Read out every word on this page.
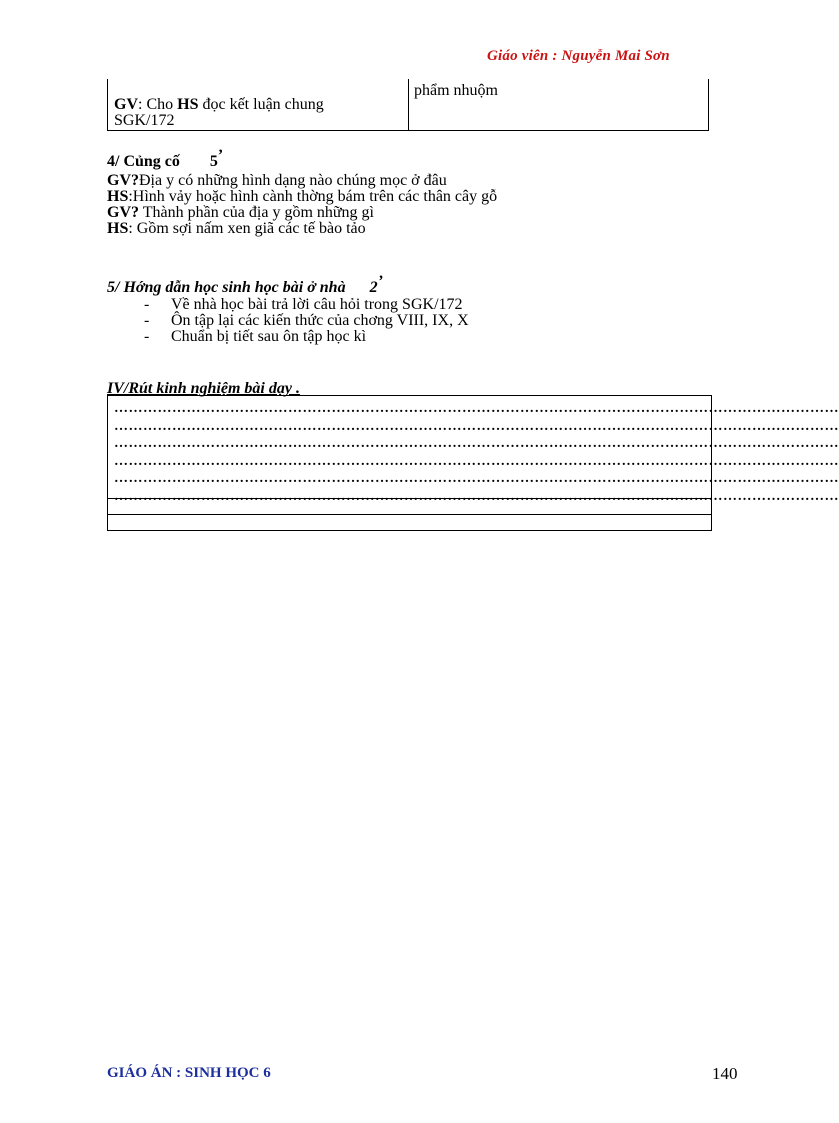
Giáo viên : Nguyễn Mai Sơn
GV: Cho HS đọc kết luận chung
SGK/172
phẩm nhuộm
4/ Củng cố 5’
GV?Địa y có những hình dạng nào chúng mọc ở đâu
HS:Hình vảy hoặc hình cành thờng bám trên các thân cây gỗ
GV? Thành phần của địa y gồm những gì
HS: Gồm sợi nấm xen giã các tế bào tảo
5/ Hớng dẫn học sinh học bài ở nhà 2’
- Về nhà học bài trả lời câu hỏi trong SGK/172
- Ôn tập lại các kiến thức của chơng VIII, IX, X
- Chuẩn bị tiết sau ôn tập học kì
IV/Rút kinh nghiệm bài dạy .
……………………………………………………………………………………………………………………………………
……………………………………………………………………………………………………………………………………
……………………………………………………………………………………………………………………………………
……………………………………………………………………………………………………………………………………
……………………………………………………………………………………………………………………………………
……………………………………………………………………………………………………………………………………
GIÁO ÁN : SINH HỌC 6	140
